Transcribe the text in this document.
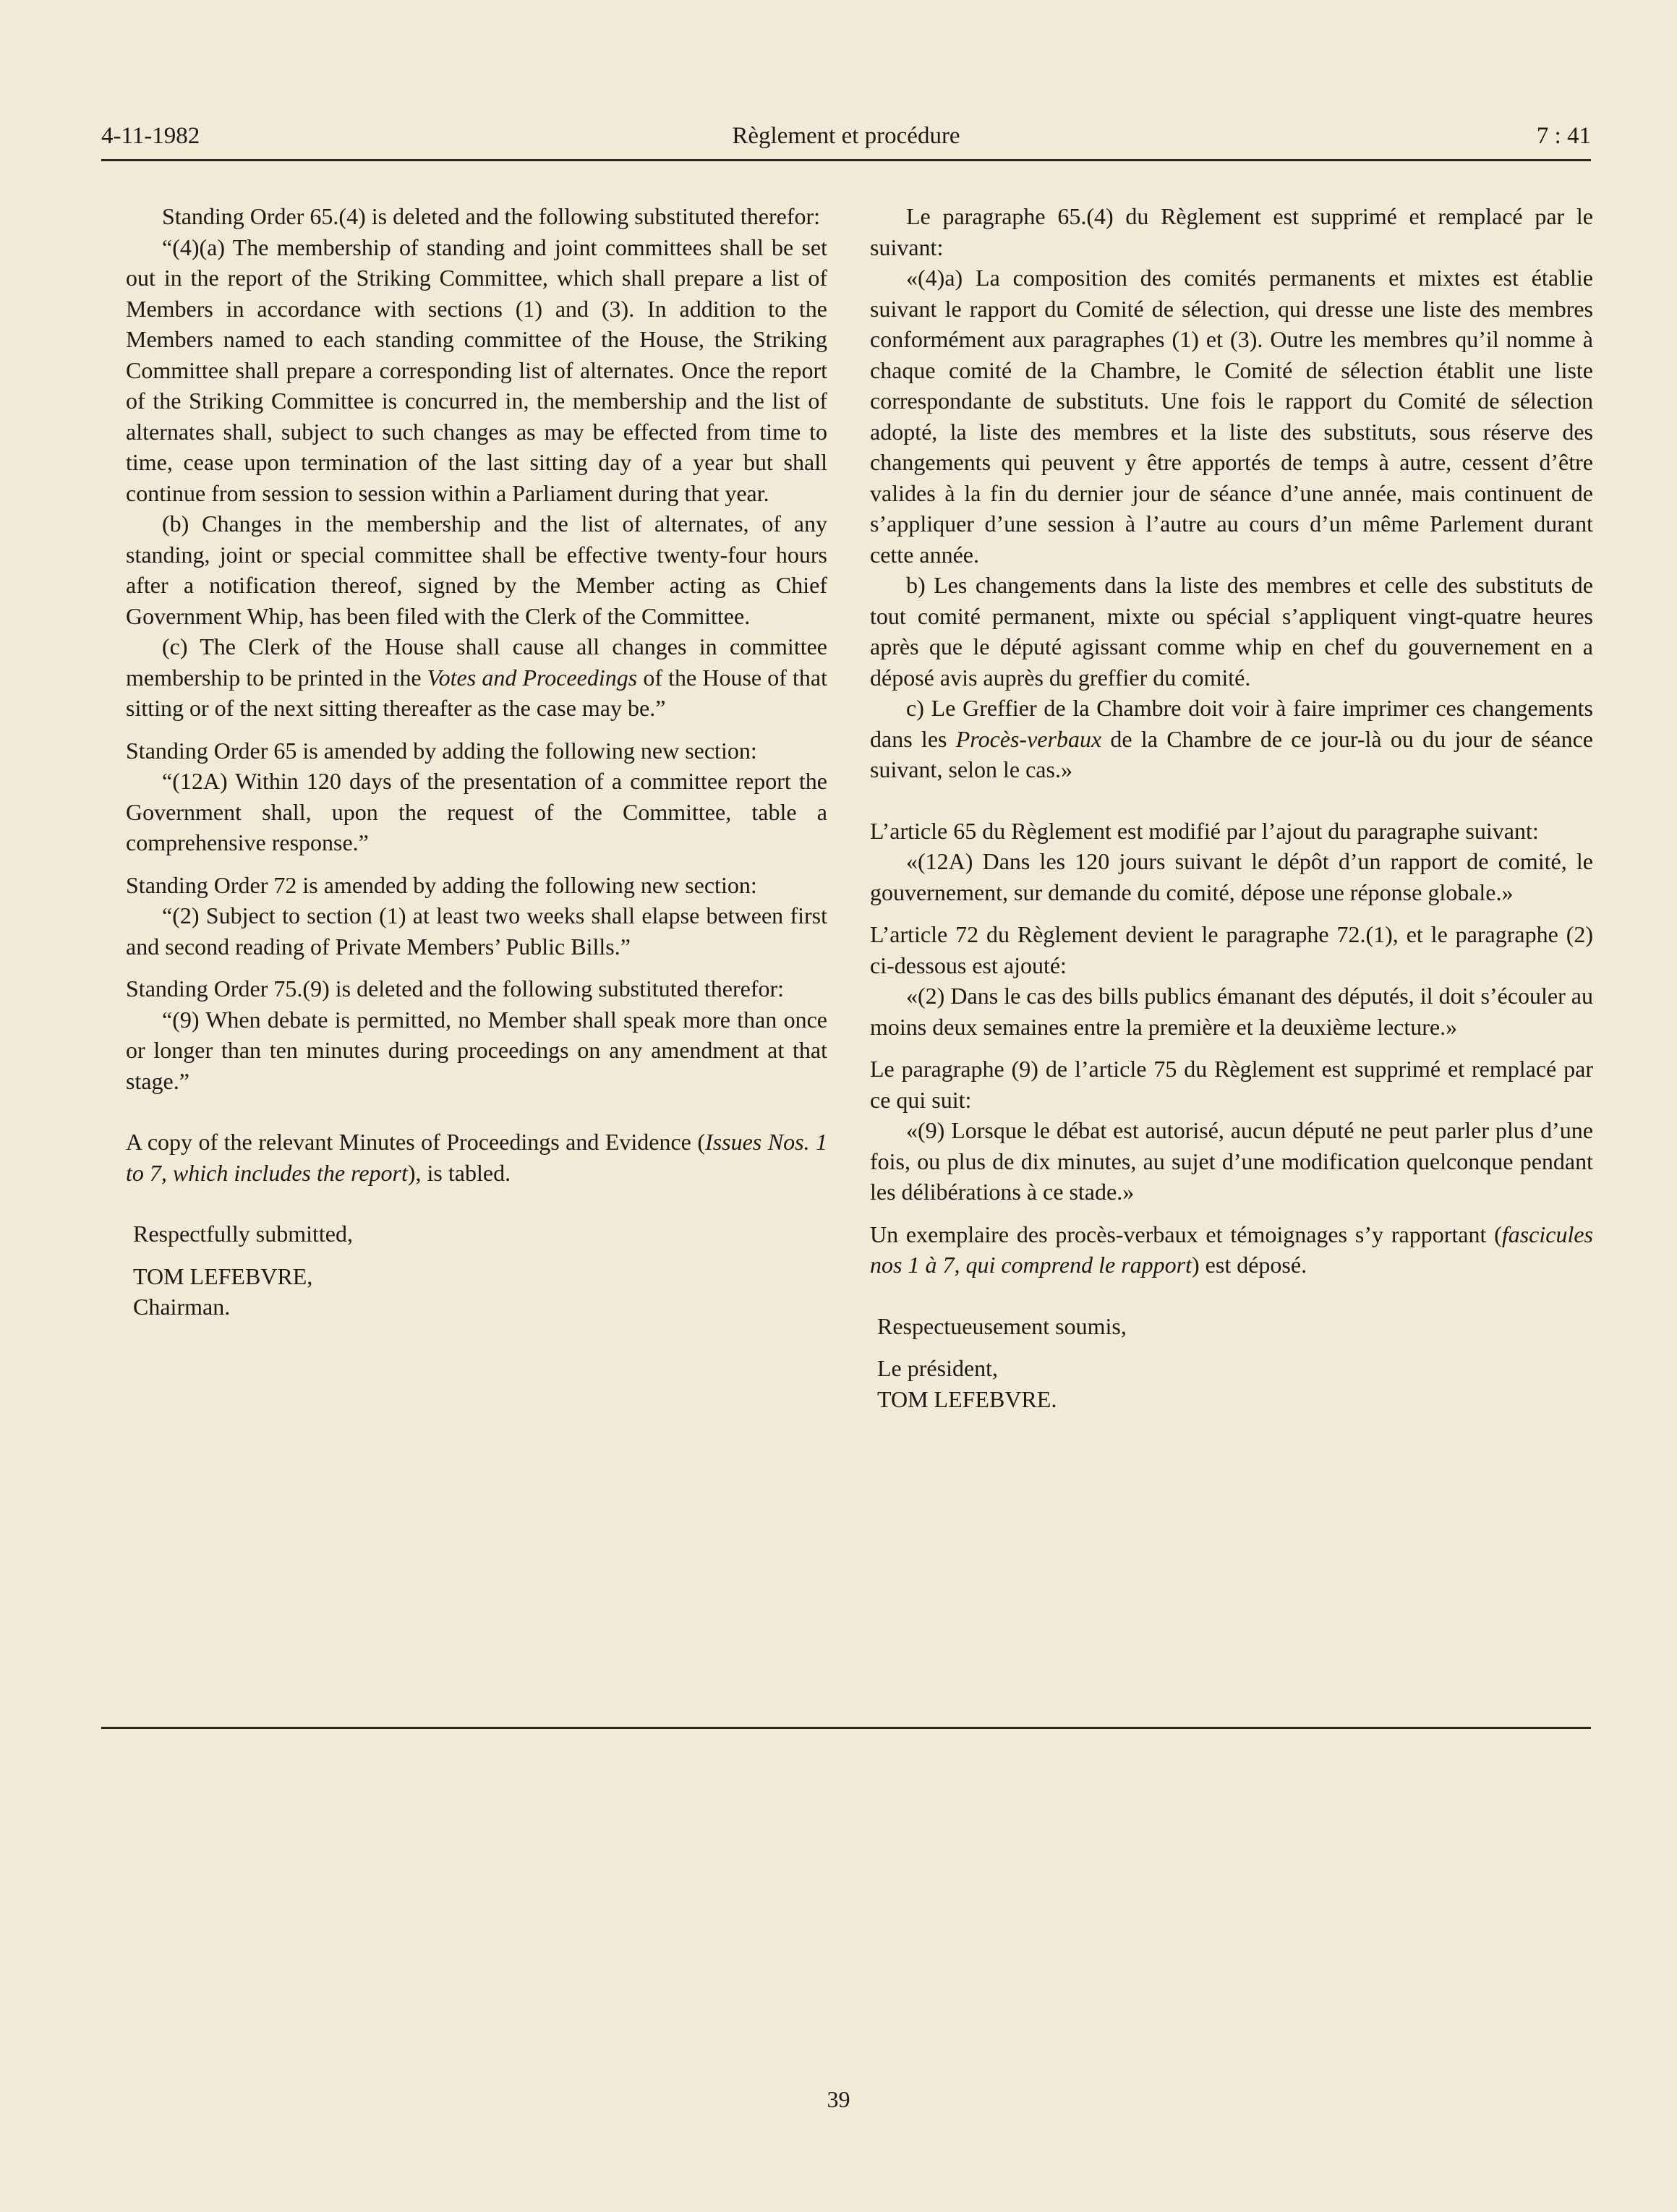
4-11-1982	Règlement et procédure	7 : 41

Standing Order 65.(4) is deleted and the following substituted therefor:

“(4)(a) The membership of standing and joint committees shall be set out in the report of the Striking Committee, which shall prepare a list of Members in accordance with sections (1) and (3). In addition to the Members named to each standing committee of the House, the Striking Committee shall prepare a corresponding list of alternates. Once the report of the Striking Committee is concurred in, the membership and the list of alternates shall, subject to such changes as may be effected from time to time, cease upon termination of the last sitting day of a year but shall continue from session to session within a Parliament during that year.

(b) Changes in the membership and the list of alternates, of any standing, joint or special committee shall be effective twenty-four hours after a notification thereof, signed by the Member acting as Chief Government Whip, has been filed with the Clerk of the Committee.

(c) The Clerk of the House shall cause all changes in committee membership to be printed in the Votes and Proceedings of the House of that sitting or of the next sitting thereafter as the case may be.”

Standing Order 65 is amended by adding the following new section:

“(12A) Within 120 days of the presentation of a committee report the Government shall, upon the request of the Committee, table a comprehensive response.”

Standing Order 72 is amended by adding the following new section:

“(2) Subject to section (1) at least two weeks shall elapse between first and second reading of Private Members’ Public Bills.”

Standing Order 75.(9) is deleted and the following substituted therefor:

“(9) When debate is permitted, no Member shall speak more than once or longer than ten minutes during proceedings on any amendment at that stage.”

A copy of the relevant Minutes of Proceedings and Evidence (Issues Nos. 1 to 7, which includes the report), is tabled.

Respectfully submitted,

TOM LEFEBVRE,

Chairman.

Le paragraphe 65.(4) du Règlement est supprimé et remplacé par le suivant:

«(4)a) La composition des comités permanents et mixtes est établie suivant le rapport du Comité de sélection, qui dresse une liste des membres conformément aux paragraphes (1) et (3). Outre les membres qu’il nomme à chaque comité de la Chambre, le Comité de sélection établit une liste correspondante de substituts. Une fois le rapport du Comité de sélection adopté, la liste des membres et la liste des substituts, sous réserve des changements qui peuvent y être apportés de temps à autre, cessent d’être valides à la fin du dernier jour de séance d’une année, mais continuent de s’appliquer d’une session à l’autre au cours d’un même Parlement durant cette année.

b) Les changements dans la liste des membres et celle des substituts de tout comité permanent, mixte ou spécial s’appliquent vingt-quatre heures après que le député agissant comme whip en chef du gouvernement en a déposé avis auprès du greffier du comité.

c) Le Greffier de la Chambre doit voir à faire imprimer ces changements dans les Procès-verbaux de la Chambre de ce jour-là ou du jour de séance suivant, selon le cas.»

L’article 65 du Règlement est modifié par l’ajout du paragraphe suivant:

«(12A) Dans les 120 jours suivant le dépôt d’un rapport de comité, le gouvernement, sur demande du comité, dépose une réponse globale.»

L’article 72 du Règlement devient le paragraphe 72.(1), et le paragraphe (2) ci-dessous est ajouté:

«(2) Dans le cas des bills publics émanant des députés, il doit s’écouler au moins deux semaines entre la première et la deuxième lecture.»

Le paragraphe (9) de l’article 75 du Règlement est supprimé et remplacé par ce qui suit:

«(9) Lorsque le débat est autorisé, aucun député ne peut parler plus d’une fois, ou plus de dix minutes, au sujet d’une modification quelconque pendant les délibérations à ce stade.»

Un exemplaire des procès-verbaux et témoignages s’y rapportant (fascicules nos 1 à 7, qui comprend le rapport) est déposé.

Respectueusement soumis,

Le président,

TOM LEFEBVRE.

39
